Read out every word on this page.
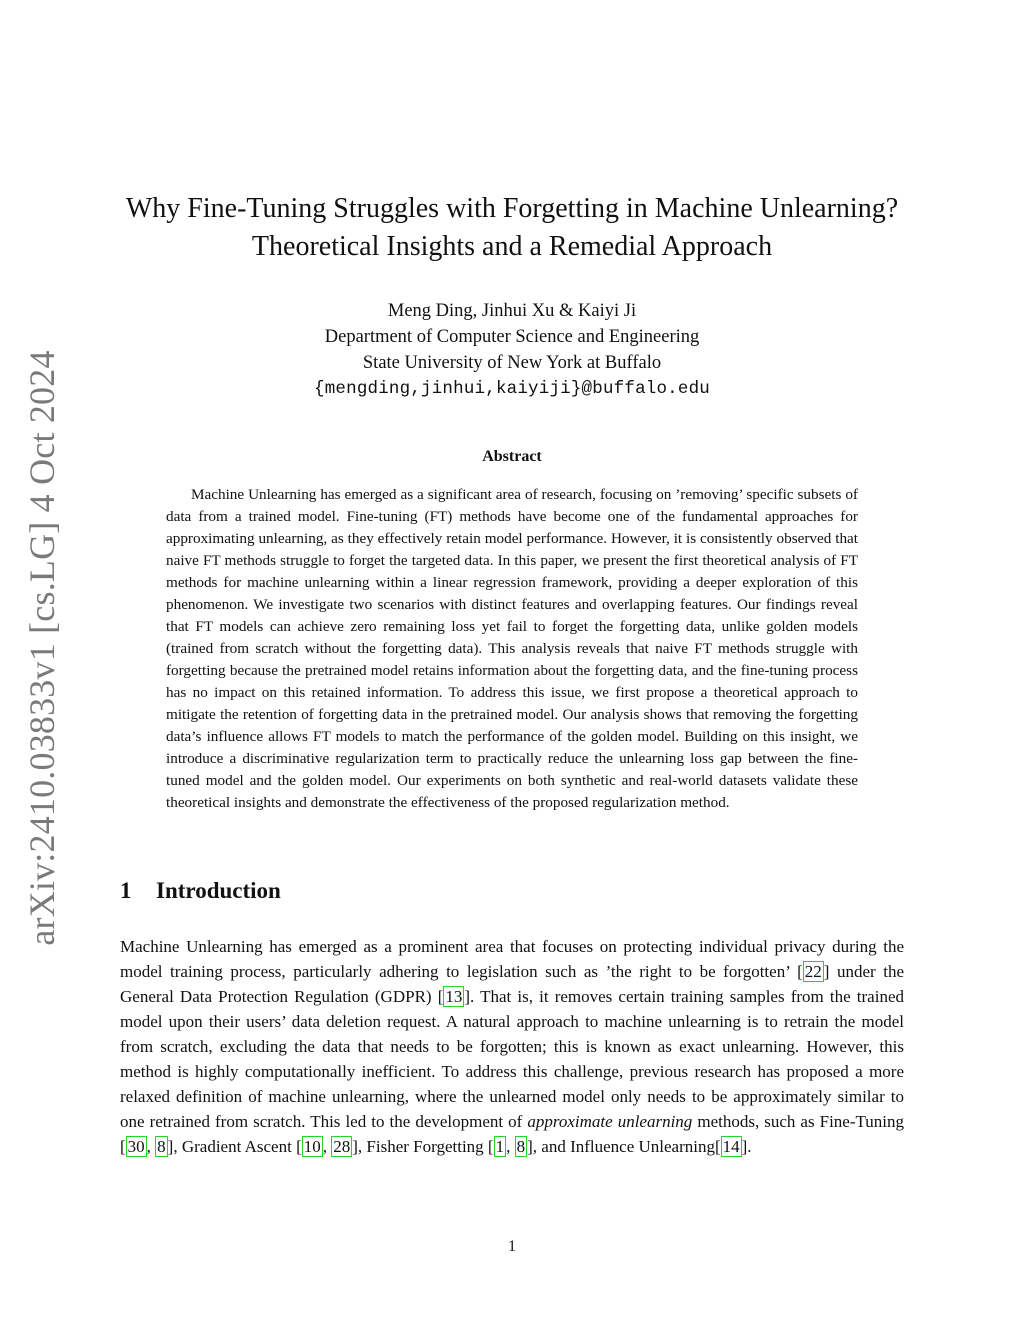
arXiv:2410.03833v1 [cs.LG] 4 Oct 2024
Why Fine-Tuning Struggles with Forgetting in Machine Unlearning?
Theoretical Insights and a Remedial Approach
Meng Ding, Jinhui Xu & Kaiyi Ji
Department of Computer Science and Engineering
State University of New York at Buffalo
{mengding,jinhui,kaiyiji}@buffalo.edu
Abstract

Machine Unlearning has emerged as a significant area of research, focusing on ’removing’ specific subsets of data from a trained model. Fine-tuning (FT) methods have become one of the fundamental approaches for approximating unlearning, as they effectively retain model performance. However, it is consistently observed that naive FT methods struggle to forget the targeted data. In this paper, we present the first theoretical analysis of FT methods for machine unlearning within a linear regression framework, providing a deeper exploration of this phenomenon. We investigate two scenarios with distinct features and overlapping features. Our findings reveal that FT models can achieve zero remaining loss yet fail to forget the forgetting data, unlike golden models (trained from scratch without the forgetting data). This analysis reveals that naive FT methods struggle with forgetting because the pretrained model retains information about the forgetting data, and the fine-tuning process has no impact on this retained information. To address this issue, we first propose a theoretical approach to mitigate the retention of forgetting data in the pretrained model. Our analysis shows that removing the forgetting data’s influence allows FT models to match the performance of the golden model. Building on this insight, we introduce a discriminative regularization term to practically reduce the unlearning loss gap between the fine-tuned model and the golden model. Our experiments on both synthetic and real-world datasets validate these theoretical insights and demonstrate the effectiveness of the proposed regularization method.

1 Introduction

Machine Unlearning has emerged as a prominent area that focuses on protecting individual privacy during the model training process, particularly adhering to legislation such as ’the right to be forgotten’ [ 22 ] under the General Data Protection Regulation (GDPR) [ 13 ]. That is, it removes certain training samples from the trained model upon their users’ data deletion request. A natural approach to machine unlearning is to retrain the model from scratch, excluding the data that needs to be forgotten; this is known as exact unlearning. However, this method is highly computationally inefficient. To address this challenge, previous research has proposed a more relaxed definition of machine unlearning, where the unlearned model only needs to be approximately similar to one retrained from scratch. This led to the development of approximate unlearning methods, such as Fine-Tuning [ 30 , 8 ], Gradient Ascent [ 10 , 28 ], Fisher Forgetting [ 1 , 8 ], and Influence Unlearning[ 14 ].

1
